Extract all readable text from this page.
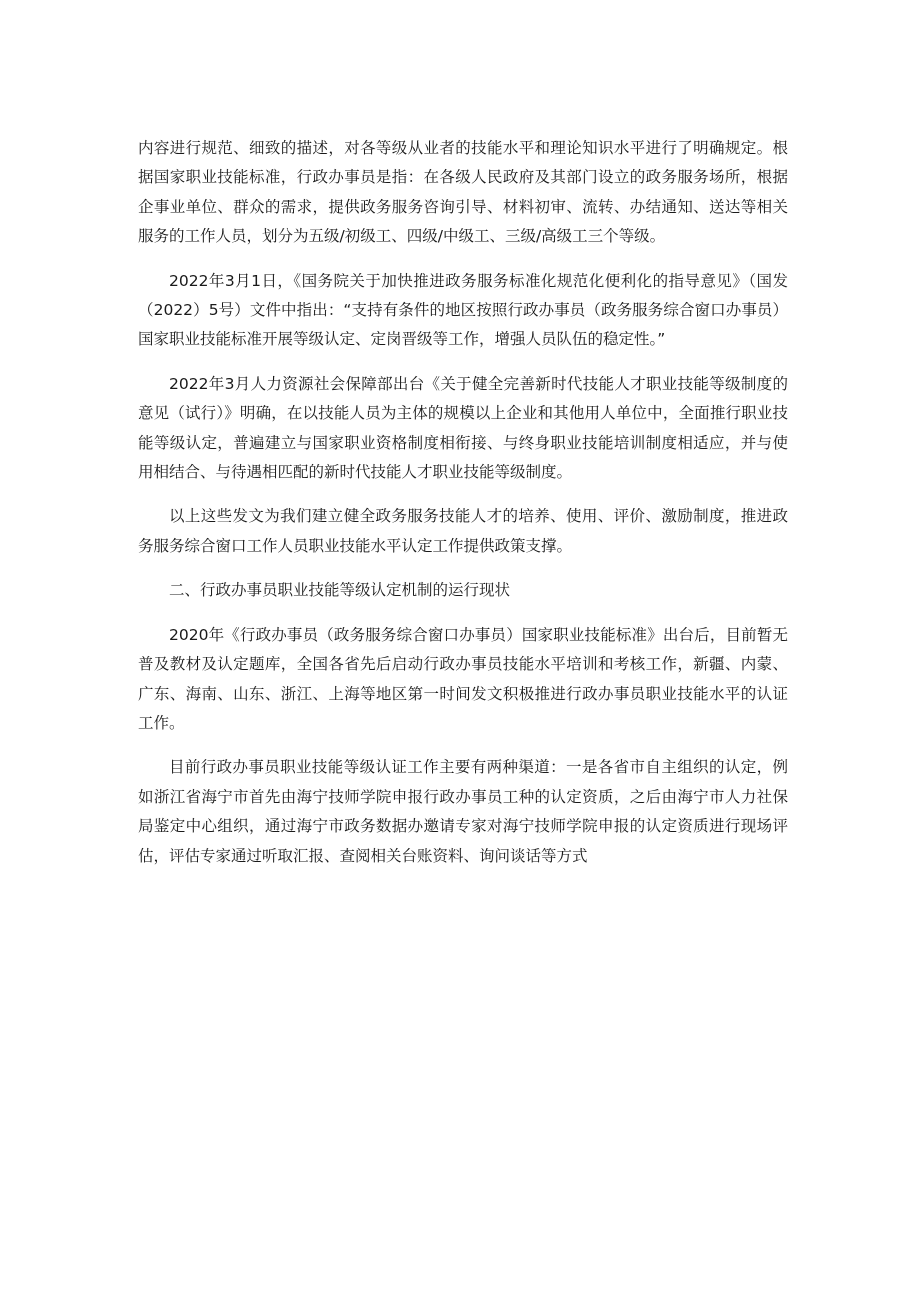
内容进行规范、细致的描述，对各等级从业者的技能水平和理论知识水平进行了明确规定。根据国家职业技能标准，行政办事员是指：在各级人民政府及其部门设立的政务服务场所，根据企事业单位、群众的需求，提供政务服务咨询引导、材料初审、流转、办结通知、送达等相关服务的工作人员，划分为五级/初级工、四级/中级工、三级/高级工三个等级。

2022年3月1日，《国务院关于加快推进政务服务标准化规范化便利化的指导意见》（国发（2022）5号）文件中指出：“支持有条件的地区按照行政办事员（政务服务综合窗口办事员）国家职业技能标准开展等级认定、定岗晋级等工作，增强人员队伍的稳定性。”

2022年3月人力资源社会保障部出台《关于健全完善新时代技能人才职业技能等级制度的意见（试行）》明确，在以技能人员为主体的规模以上企业和其他用人单位中，全面推行职业技能等级认定，普遍建立与国家职业资格制度相衔接、与终身职业技能培训制度相适应，并与使用相结合、与待遇相匹配的新时代技能人才职业技能等级制度。

以上这些发文为我们建立健全政务服务技能人才的培养、使用、评价、激励制度，推进政务服务综合窗口工作人员职业技能水平认定工作提供政策支撑。

二、行政办事员职业技能等级认定机制的运行现状

2020年《行政办事员（政务服务综合窗口办事员）国家职业技能标准》出台后，目前暂无普及教材及认定题库，全国各省先后启动行政办事员技能水平培训和考核工作，新疆、内蒙、广东、海南、山东、浙江、上海等地区第一时间发文积极推进行政办事员职业技能水平的认证工作。

目前行政办事员职业技能等级认证工作主要有两种渠道：一是各省市自主组织的认定，例如浙江省海宁市首先由海宁技师学院申报行政办事员工种的认定资质，之后由海宁市人力社保局鉴定中心组织，通过海宁市政务数据办邀请专家对海宁技师学院申报的认定资质进行现场评估，评估专家通过听取汇报、查阅相关台账资料、询问谈话等方式
